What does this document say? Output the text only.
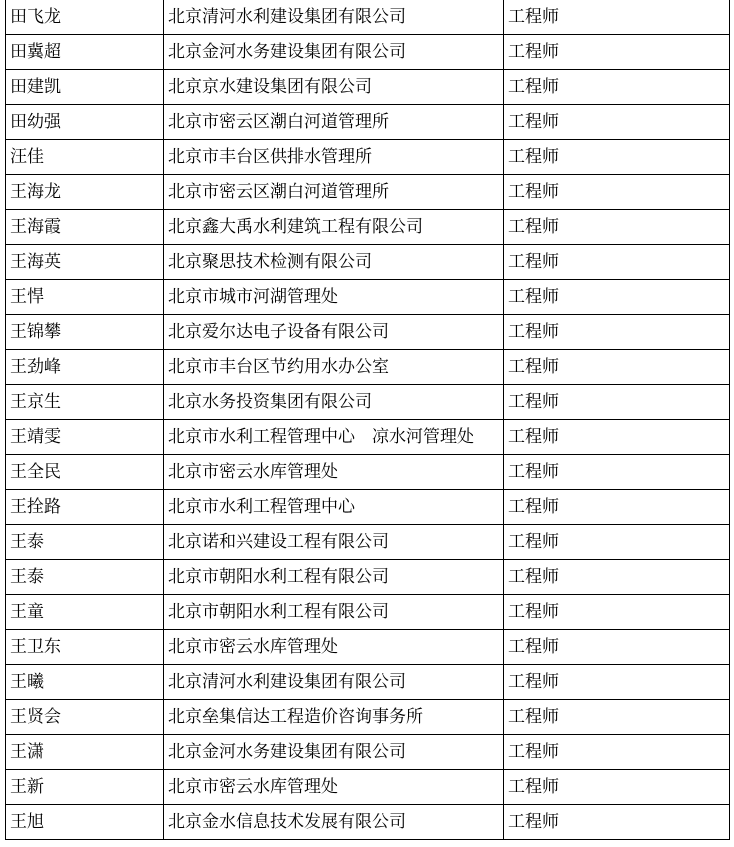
田飞龙	北京清河水利建设集团有限公司	工程师
田冀超	北京金河水务建设集团有限公司	工程师
田建凯	北京京水建设集团有限公司	工程师
田幼强	北京市密云区潮白河道管理所	工程师
汪佳	北京市丰台区供排水管理所	工程师
王海龙	北京市密云区潮白河道管理所	工程师
王海霞	北京鑫大禹水利建筑工程有限公司	工程师
王海英	北京聚思技术检测有限公司	工程师
王悍	北京市城市河湖管理处	工程师
王锦攀	北京爱尔达电子设备有限公司	工程师
王劲峰	北京市丰台区节约用水办公室	工程师
王京生	北京水务投资集团有限公司	工程师
王靖雯	北京市水利工程管理中心　凉水河管理处	工程师
王全民	北京市密云水库管理处	工程师
王拴路	北京市水利工程管理中心	工程师
王泰	北京诺和兴建设工程有限公司	工程师
王泰	北京市朝阳水利工程有限公司	工程师
王童	北京市朝阳水利工程有限公司	工程师
王卫东	北京市密云水库管理处	工程师
王曦	北京清河水利建设集团有限公司	工程师
王贤会	北京垒集信达工程造价咨询事务所	工程师
王潇	北京金河水务建设集团有限公司	工程师
王新	北京市密云水库管理处	工程师
王旭	北京金水信息技术发展有限公司	工程师
